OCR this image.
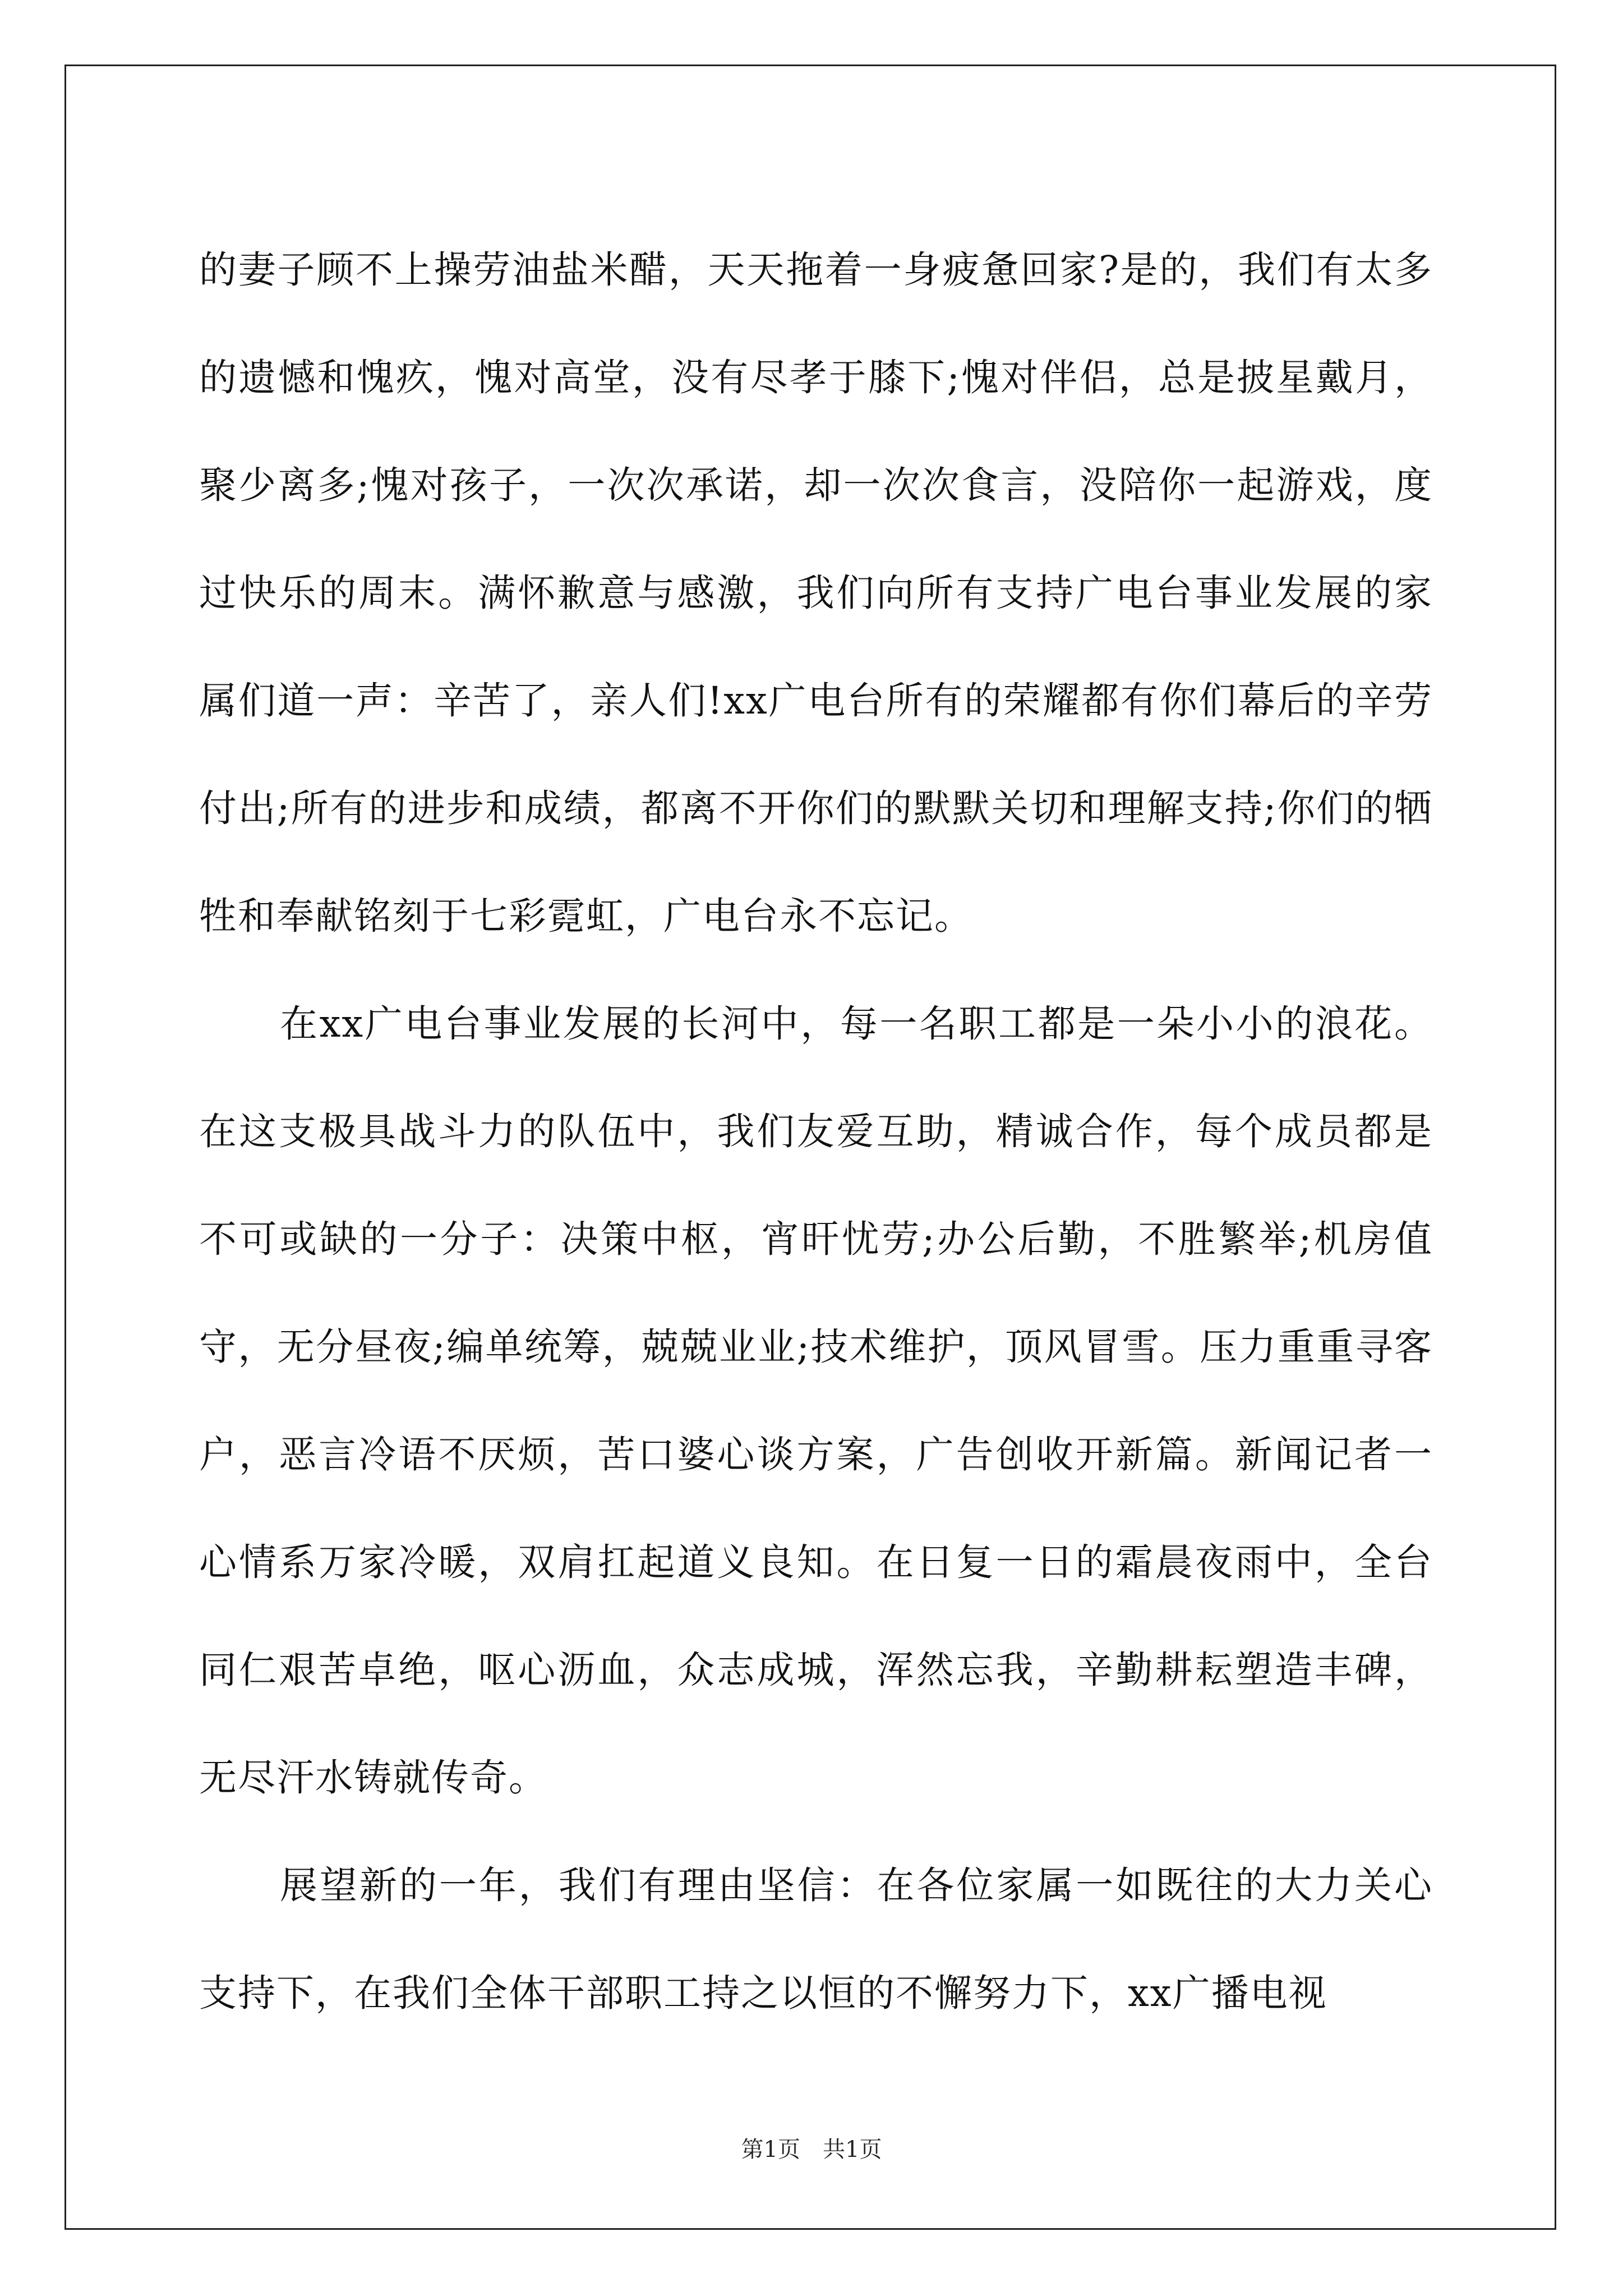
的妻子顾不上操劳油盐米醋，天天拖着一身疲惫回家?是的，我们有太多的遗憾和愧疚，愧对高堂，没有尽孝于膝下;愧对伴侣，总是披星戴月，聚少离多;愧对孩子，一次次承诺，却一次次食言，没陪你一起游戏，度过快乐的周末。满怀歉意与感激，我们向所有支持广电台事业发展的家属们道一声：辛苦了，亲人们!xx广电台所有的荣耀都有你们幕后的辛劳付出;所有的进步和成绩，都离不开你们的默默关切和理解支持;你们的牺牲和奉献铭刻于七彩霓虹，广电台永不忘记。

在xx广电台事业发展的长河中，每一名职工都是一朵小小的浪花。在这支极具战斗力的队伍中，我们友爱互助，精诚合作，每个成员都是不可或缺的一分子：决策中枢，宵旰忧劳;办公后勤，不胜繁举;机房值守，无分昼夜;编单统筹，兢兢业业;技术维护，顶风冒雪。压力重重寻客户，恶言冷语不厌烦，苦口婆心谈方案，广告创收开新篇。新闻记者一心情系万家冷暖，双肩扛起道义良知。在日复一日的霜晨夜雨中，全台同仁艰苦卓绝，呕心沥血，众志成城，浑然忘我，辛勤耕耘塑造丰碑，无尽汗水铸就传奇。

展望新的一年，我们有理由坚信：在各位家属一如既往的大力关心支持下，在我们全体干部职工持之以恒的不懈努力下，xx广播电视

第1页 共1页
